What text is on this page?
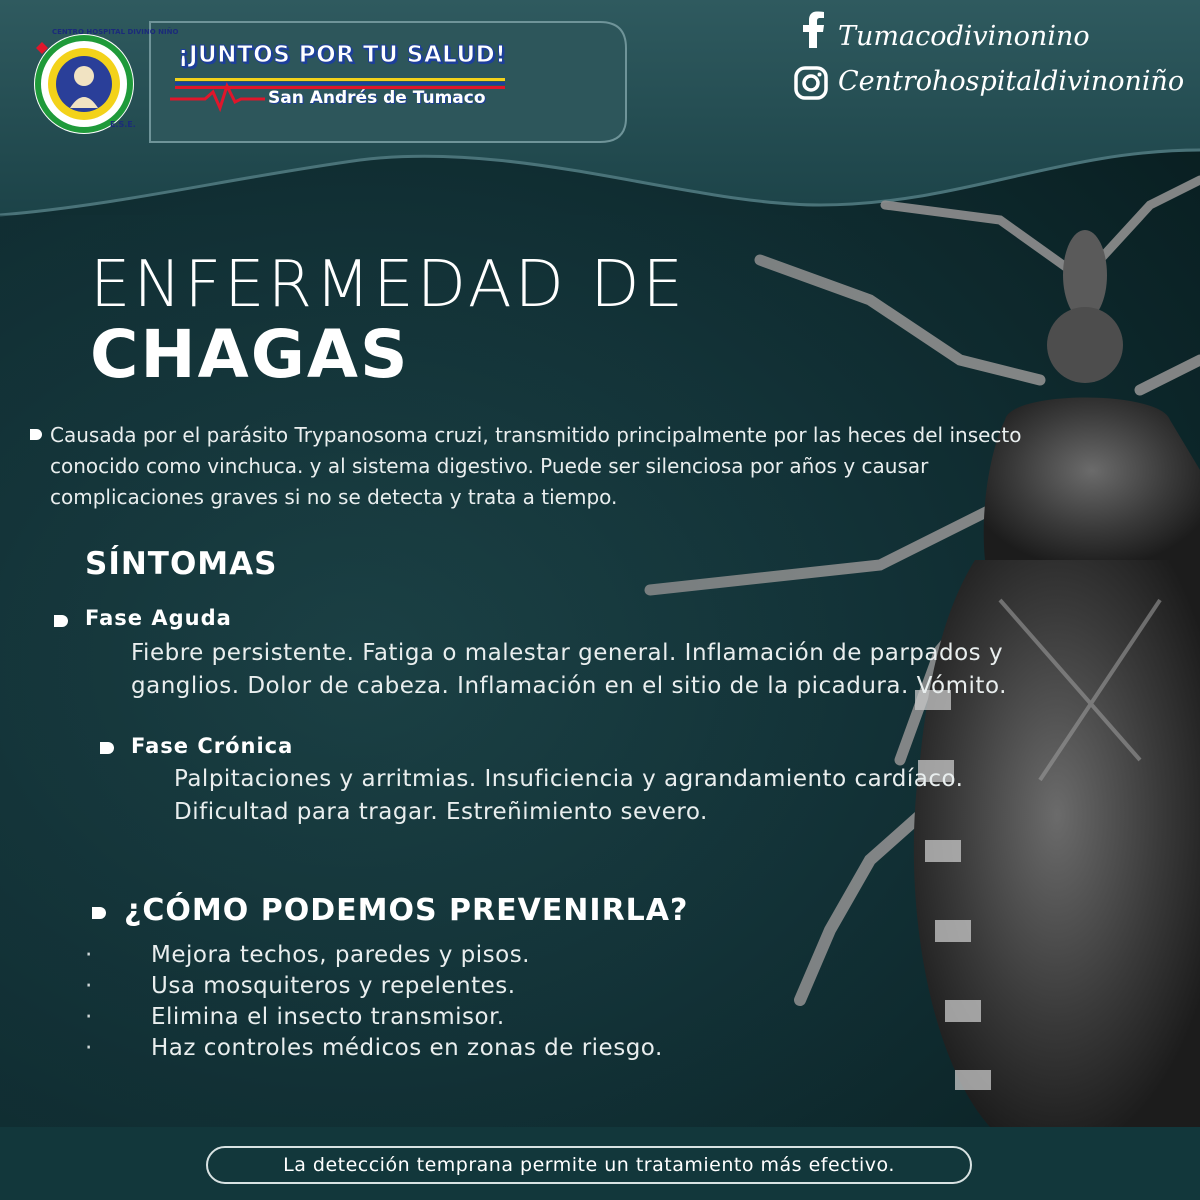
CENTRO HOSPITAL DIVINO NIÑO
E.S.E.
¡JUNTOS POR TU SALUD!
San Andrés de Tumaco
Tumacodivinonino
Centrohospitaldivinoniño
ENFERMEDAD DE
CHAGAS
Causada por el parásito Trypanosoma cruzi, transmitido principalmente por las heces del insecto conocido como vinchuca. y al sistema digestivo. Puede ser silenciosa por años y causar complicaciones graves si no se detecta y trata a tiempo.
SÍNTOMAS
Fase Aguda
Fiebre persistente. Fatiga o malestar general. Inflamación de parpados y ganglios. Dolor de cabeza. Inflamación en el sitio de la picadura. Vómito.
Fase Crónica
Palpitaciones y arritmias. Insuficiencia y agrandamiento cardíaco. Dificultad para tragar. Estreñimiento severo.
¿CÓMO PODEMOS PREVENIRLA?
·	Mejora techos, paredes y pisos.
·	Usa mosquiteros y repelentes.
·	Elimina el insecto transmisor.
·	Haz controles médicos en zonas de riesgo.
La detección temprana permite un tratamiento más efectivo.
